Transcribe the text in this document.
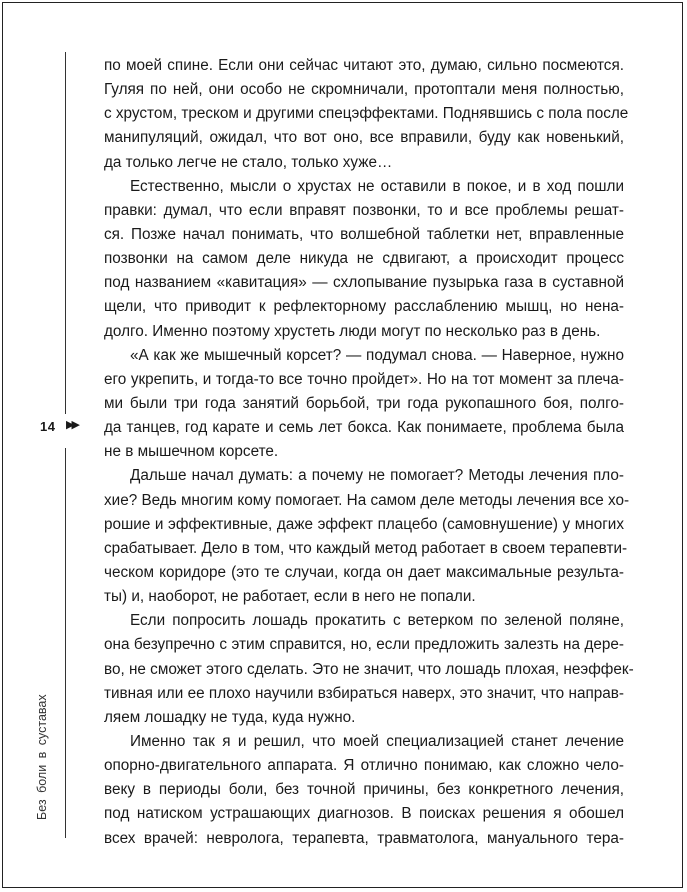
14 ▶▶
Без боли в суставах
по моей спине. Если они сейчас читают это, думаю, сильно посмеются.
Гуляя по ней, они особо не скромничали, протоптали меня полностью,
с хрустом, треском и другими спецэффектами. Поднявшись с пола после
манипуляций, ожидал, что вот оно, все вправили, буду как новенький,
да только легче не стало, только хуже…
Естественно, мысли о хрустах не оставили в покое, и в ход пошли
правки: думал, что если вправят позвонки, то и все проблемы решат-
ся. Позже начал понимать, что волшебной таблетки нет, вправленные
позвонки на самом деле никуда не сдвигают, а происходит процесс
под названием «кавитация» — схлопывание пузырька газа в суставной
щели, что приводит к рефлекторному расслаблению мышц, но нена-
долго. Именно поэтому хрустеть люди могут по несколько раз в день.
«А как же мышечный корсет? — подумал снова. — Наверное, нужно
его укрепить, и тогда-то все точно пройдет». Но на тот момент за плеча-
ми были три года занятий борьбой, три года рукопашного боя, полго-
да танцев, год карате и семь лет бокса. Как понимаете, проблема была
не в мышечном корсете.
Дальше начал думать: а почему не помогает? Методы лечения пло-
хие? Ведь многим кому помогает. На самом деле методы лечения все хо-
рошие и эффективные, даже эффект плацебо (самовнушение) у многих
срабатывает. Дело в том, что каждый метод работает в своем терапевти-
ческом коридоре (это те случаи, когда он дает максимальные результа-
ты) и, наоборот, не работает, если в него не попали.
Если попросить лошадь прокатить с ветерком по зеленой поляне,
она безупречно с этим справится, но, если предложить залезть на дере-
во, не сможет этого сделать. Это не значит, что лошадь плохая, неэффек-
тивная или ее плохо научили взбираться наверх, это значит, что направ-
ляем лошадку не туда, куда нужно.
Именно так я и решил, что моей специализацией станет лечение
опорно-двигательного аппарата. Я отлично понимаю, как сложно чело-
веку в периоды боли, без точной причины, без конкретного лечения,
под натиском устрашающих диагнозов. В поисках решения я обошел
всех врачей: невролога, терапевта, травматолога, мануального тера-
